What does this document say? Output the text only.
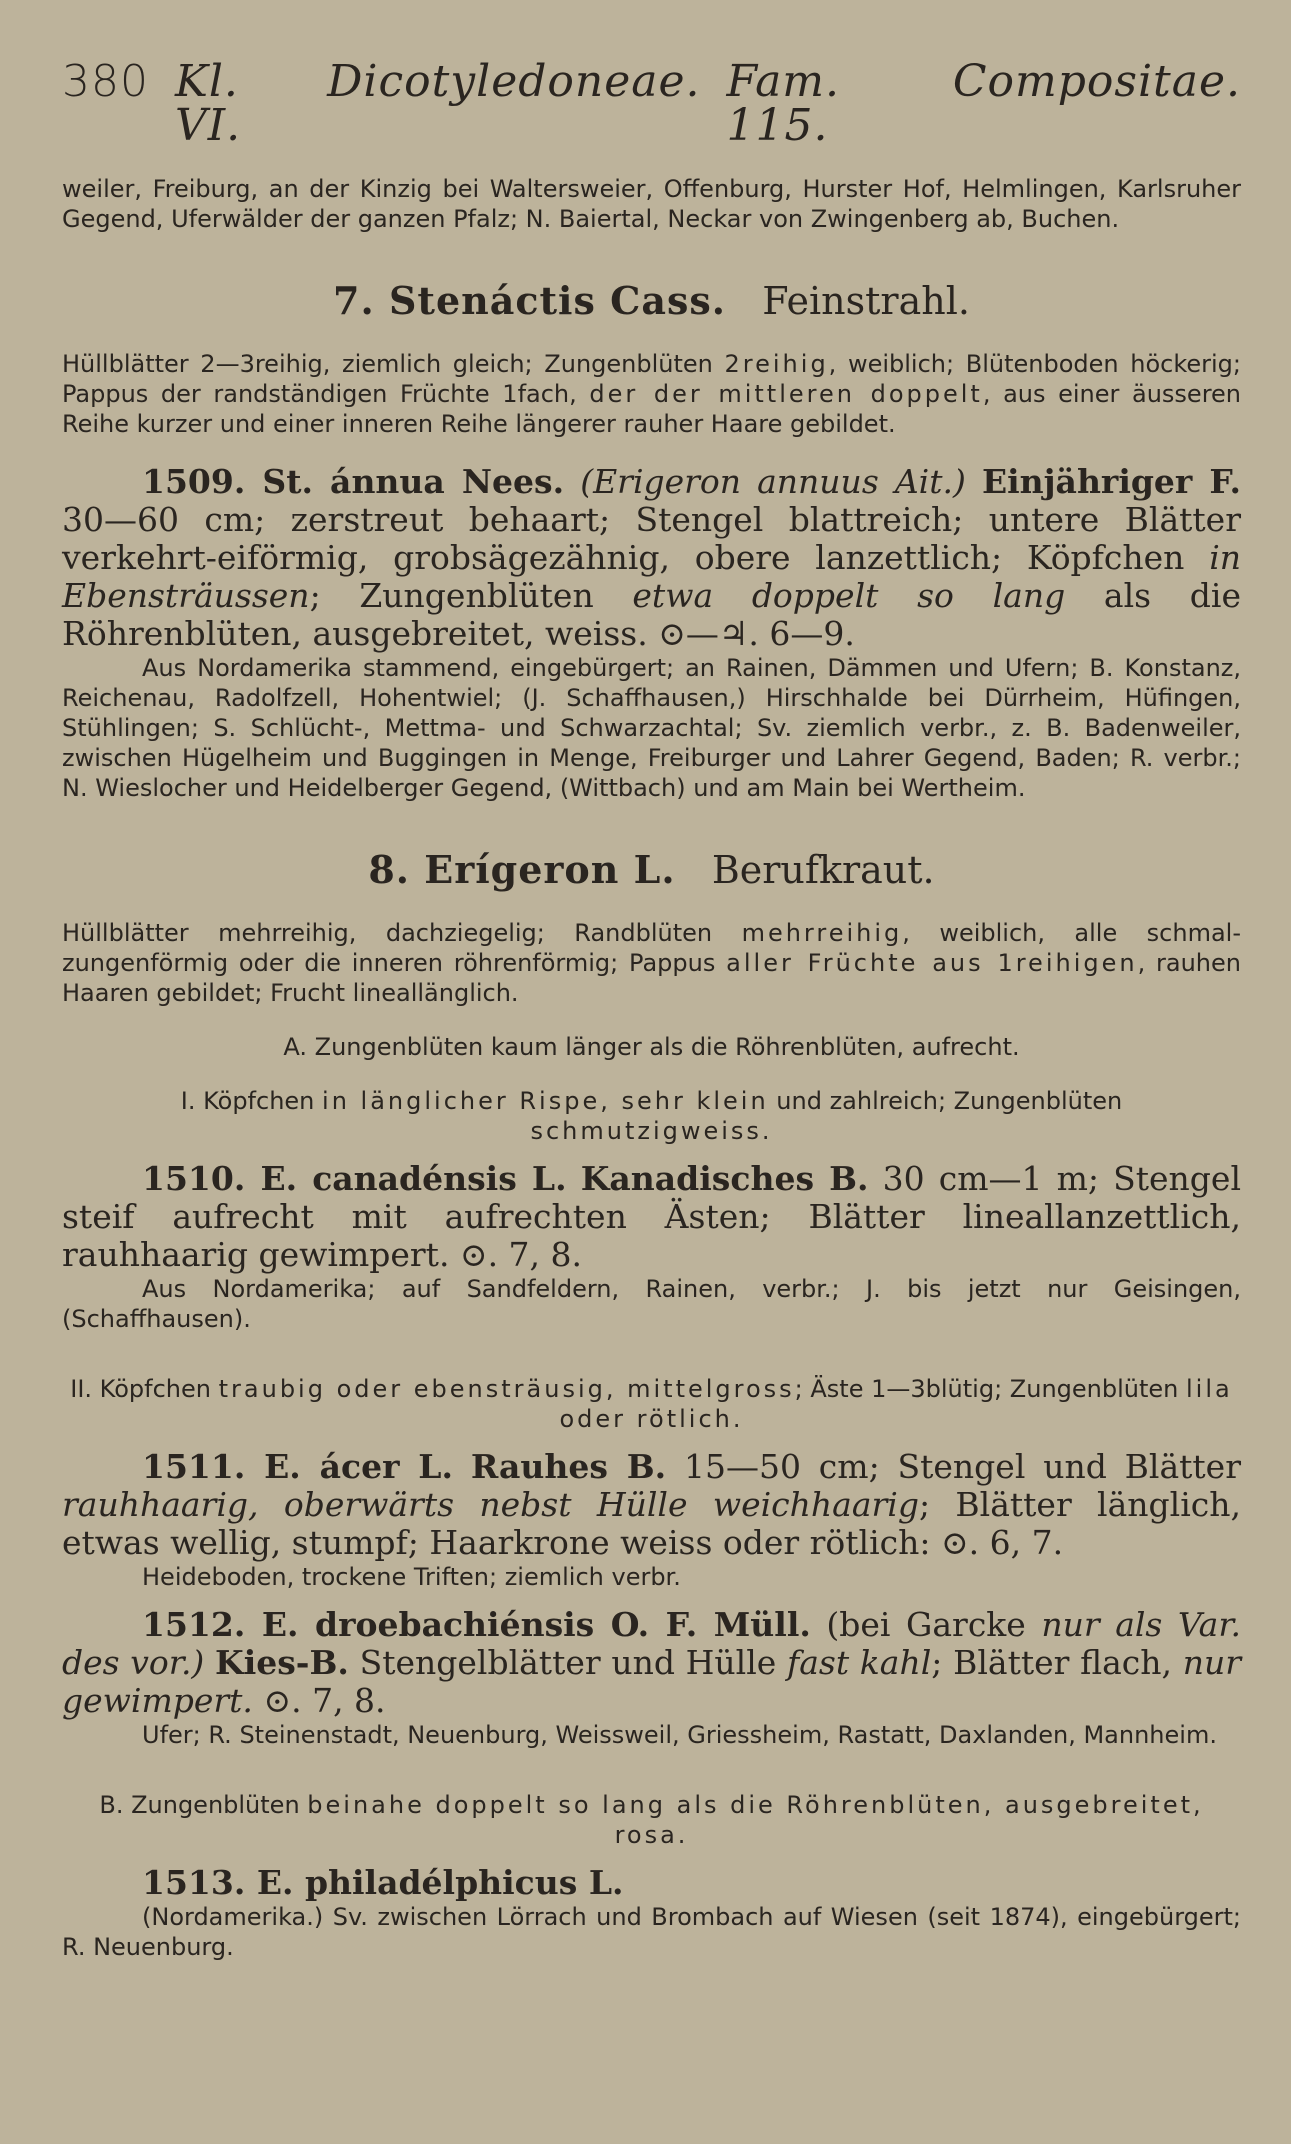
380 Kl. VI.
Dicotyledoneae. Fam. 115.
Compositae.

weiler, Freiburg, an der Kinzig bei Waltersweier, Offenburg, Hurster Hof, Helmlingen, Karlsruher Gegend, Uferwälder der ganzen Pfalz; N. Baiertal, Neckar von Zwingenberg ab, Buchen.

7. Stenáctis Cass. Feinstrahl.

Hüllblätter 2—3reihig, ziemlich gleich; Zungenblüten 2reihig, weiblich; Blütenboden höckerig; Pappus der randständigen Früchte 1fach, der der mittleren doppelt, aus einer äusseren Reihe kurzer und einer inneren Reihe längerer rauher Haare gebildet.

1509. St. ánnua Nees. (Erigeron annuus Ait.) Einjähriger F. 30—60 cm; zerstreut behaart; Stengel blattreich; untere Blätter verkehrt-eiförmig, grobsägezähnig, obere lanzettlich; Köpfchen in Ebensträussen; Zungenblüten etwa doppelt so lang als die Röhrenblüten, ausgebreitet, weiss. ⊙—♃. 6—9.

Aus Nordamerika stammend, eingebürgert; an Rainen, Dämmen und Ufern; B. Konstanz, Reichenau, Radolfzell, Hohentwiel; (J. Schaffhausen,) Hirschhalde bei Dürrheim, Hüfingen, Stühlingen; S. Schlücht-, Mettma- und Schwarzachtal; Sv. ziemlich verbr., z. B. Badenweiler, zwischen Hügelheim und Buggingen in Menge, Freiburger und Lahrer Gegend, Baden; R. verbr.; N. Wieslocher und Heidelberger Gegend, (Wittbach) und am Main bei Wertheim.

8. Erígeron L. Berufkraut.

Hüllblätter mehrreihig, dachziegelig; Randblüten mehrreihig, weiblich, alle schmal-zungenförmig oder die inneren röhrenförmig; Pappus aller Früchte aus 1reihigen, rauhen Haaren gebildet; Frucht lineallänglich.

A. Zungenblüten kaum länger als die Röhrenblüten, aufrecht.

I. Köpfchen in länglicher Rispe, sehr klein und zahlreich; Zungenblüten schmutzigweiss.

1510. E. canadénsis L. Kanadisches B. 30 cm—1 m; Stengel steif aufrecht mit aufrechten Ästen; Blätter lineallanzettlich, rauhhaarig gewimpert. ⊙. 7, 8.

Aus Nordamerika; auf Sandfeldern, Rainen, verbr.; J. bis jetzt nur Geisingen, (Schaffhausen).

II. Köpfchen traubig oder ebensträusig, mittelgross; Äste 1—3blütig; Zungenblüten lila oder rötlich.

1511. E. ácer L. Rauhes B. 15—50 cm; Stengel und Blätter rauhhaarig, oberwärts nebst Hülle weichhaarig; Blätter länglich, etwas wellig, stumpf; Haarkrone weiss oder rötlich: ⊙. 6, 7.

Heideboden, trockene Triften; ziemlich verbr.

1512. E. droebachiénsis O. F. Müll. (bei Garcke nur als Var. des vor.) Kies-B. Stengelblätter und Hülle fast kahl; Blätter flach, nur gewimpert. ⊙. 7, 8.

Ufer; R. Steinenstadt, Neuenburg, Weissweil, Griessheim, Rastatt, Daxlanden, Mannheim.

B. Zungenblüten beinahe doppelt so lang als die Röhrenblüten, ausgebreitet, rosa.

1513. E. philadélphicus L.

(Nordamerika.) Sv. zwischen Lörrach und Brombach auf Wiesen (seit 1874), eingebürgert; R. Neuenburg.
